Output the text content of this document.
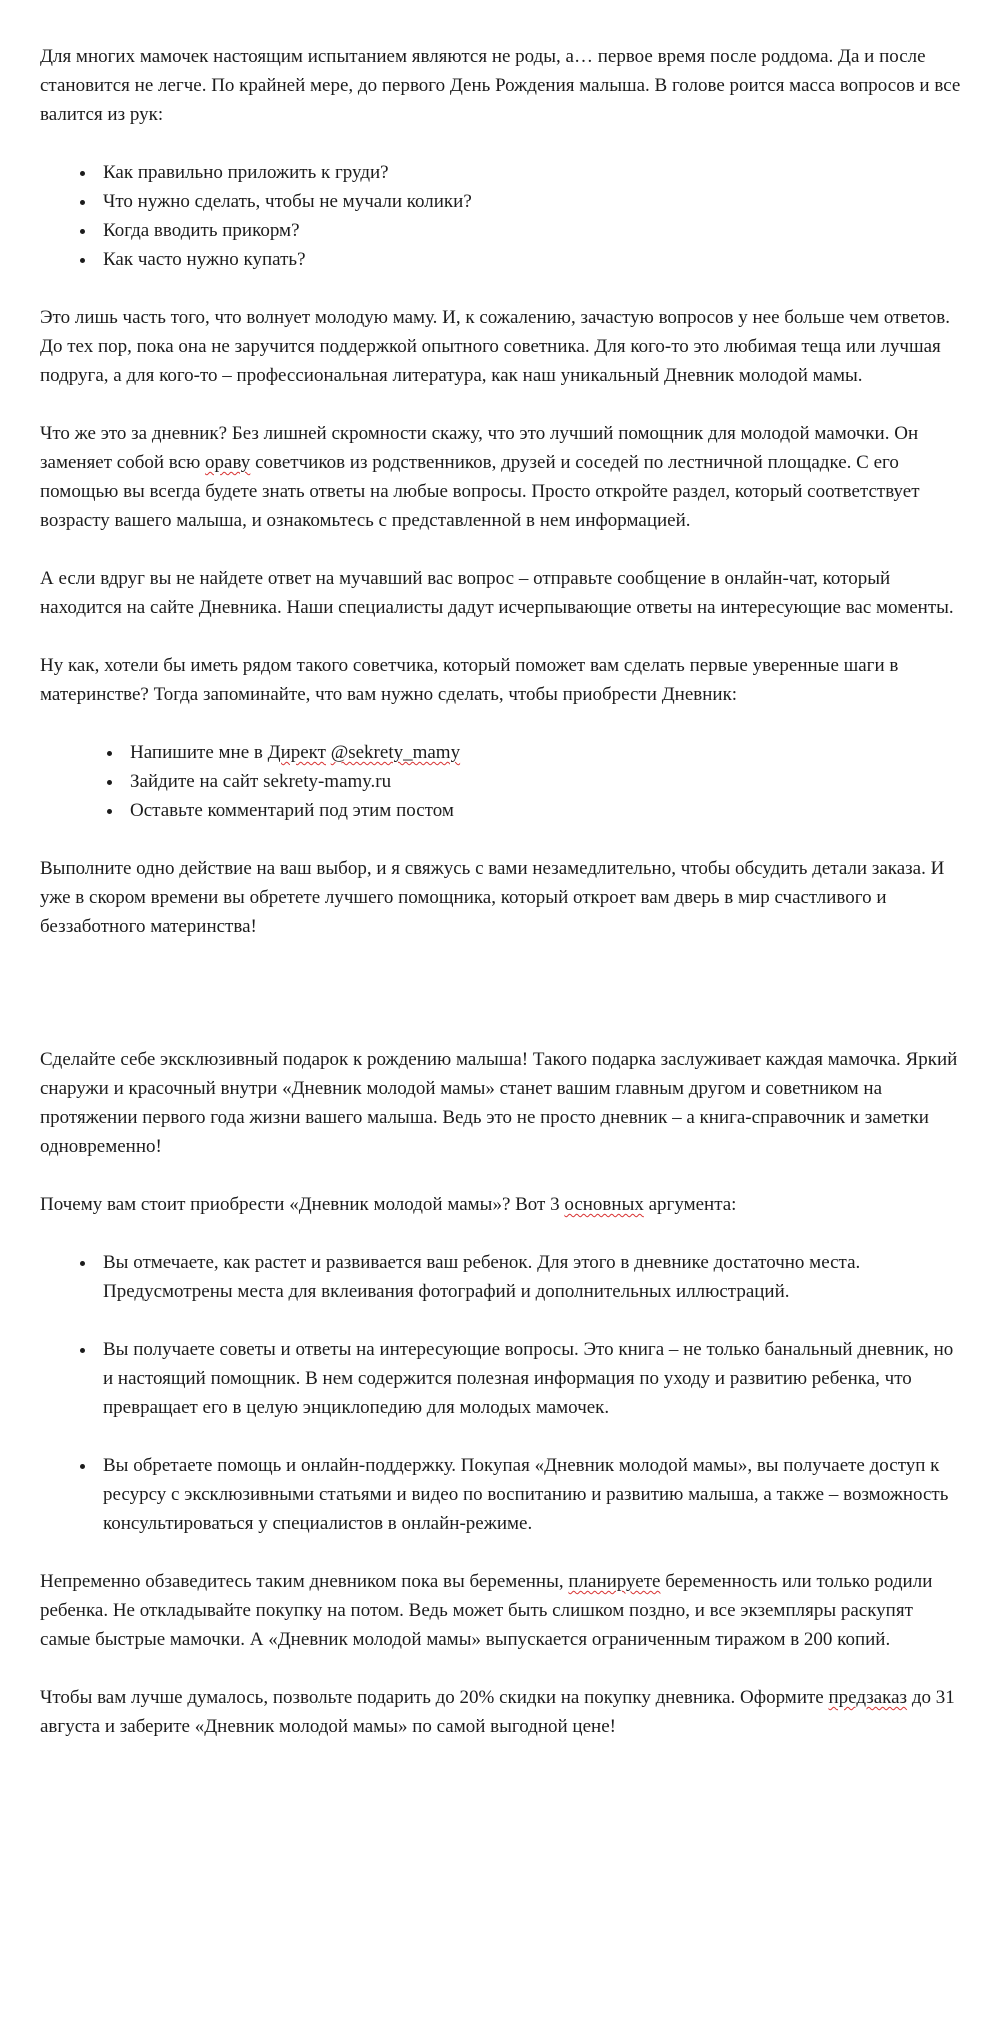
Для многих мамочек настоящим испытанием являются не роды, а… первое время после роддома. Да и после становится не легче. По крайней мере, до первого День Рождения малыша. В голове роится масса вопросов и все валится из рук:

• Как правильно приложить к груди?
• Что нужно сделать, чтобы не мучали колики?
• Когда вводить прикорм?
• Как часто нужно купать?

Это лишь часть того, что волнует молодую маму. И, к сожалению, зачастую вопросов у нее больше чем ответов. До тех пор, пока она не заручится поддержкой опытного советника. Для кого-то это любимая теща или лучшая подруга, а для кого-то – профессиональная литература, как наш уникальный Дневник молодой мамы.

Что же это за дневник? Без лишней скромности скажу, что это лучший помощник для молодой мамочки. Он заменяет собой всю ораву советчиков из родственников, друзей и соседей по лестничной площадке. С его помощью вы всегда будете знать ответы на любые вопросы. Просто откройте раздел, который соответствует возрасту вашего малыша, и ознакомьтесь с представленной в нем информацией.

А если вдруг вы не найдете ответ на мучавший вас вопрос – отправьте сообщение в онлайн-чат, который находится на сайте Дневника. Наши специалисты дадут исчерпывающие ответы на интересующие вас моменты.

Ну как, хотели бы иметь рядом такого советчика, который поможет вам сделать первые уверенные шаги в материнстве? Тогда запоминайте, что вам нужно сделать, чтобы приобрести Дневник:

• Напишите мне в Директ @sekrety_mamy
• Зайдите на сайт sekrety-mamy.ru
• Оставьте комментарий под этим постом

Выполните одно действие на ваш выбор, и я свяжусь с вами незамедлительно, чтобы обсудить детали заказа. И уже в скором времени вы обретете лучшего помощника, который откроет вам дверь в мир счастливого и беззаботного материнства!

Сделайте себе эксклюзивный подарок к рождению малыша! Такого подарка заслуживает каждая мамочка. Яркий снаружи и красочный внутри «Дневник молодой мамы» станет вашим главным другом и советником на протяжении первого года жизни вашего малыша. Ведь это не просто дневник – а книга-справочник и заметки одновременно!

Почему вам стоит приобрести «Дневник молодой мамы»? Вот 3 основных аргумента:

• Вы отмечаете, как растет и развивается ваш ребенок. Для этого в дневнике достаточно места. Предусмотрены места для вклеивания фотографий и дополнительных иллюстраций.
• Вы получаете советы и ответы на интересующие вопросы. Это книга – не только банальный дневник, но и настоящий помощник. В нем содержится полезная информация по уходу и развитию ребенка, что превращает его в целую энциклопедию для молодых мамочек.
• Вы обретаете помощь и онлайн-поддержку. Покупая «Дневник молодой мамы», вы получаете доступ к ресурсу с эксклюзивными статьями и видео по воспитанию и развитию малыша, а также – возможность консультироваться у специалистов в онлайн-режиме.

Непременно обзаведитесь таким дневником пока вы беременны, планируете беременность или только родили ребенка. Не откладывайте покупку на потом. Ведь может быть слишком поздно, и все экземпляры раскупят самые быстрые мамочки. А «Дневник молодой мамы» выпускается ограниченным тиражом в 200 копий.

Чтобы вам лучше думалось, позвольте подарить до 20% скидки на покупку дневника. Оформите предзаказ до 31 августа и заберите «Дневник молодой мамы» по самой выгодной цене!
